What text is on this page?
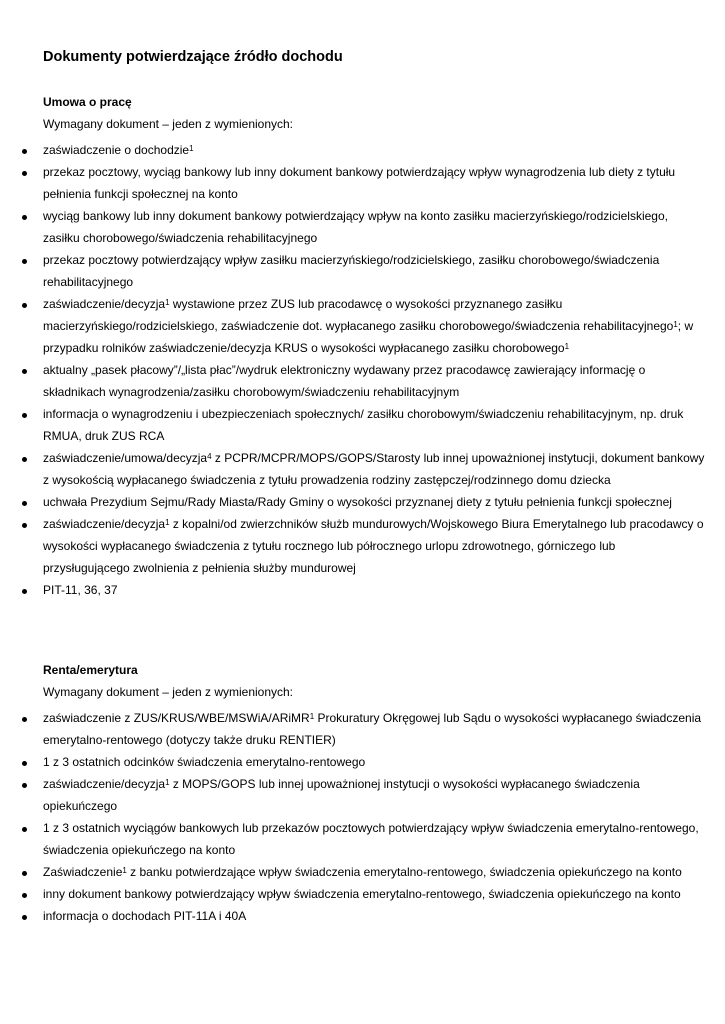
Dokumenty potwierdzające źródło dochodu
Umowa o pracę

Wymagany dokument – jeden z wymienionych:

zaświadczenie o dochodzie$^1$
przekaz pocztowy, wyciąg bankowy lub inny dokument bankowy potwierdzający wpływ wynagrodzenia lub diety z tytułu pełnienia funkcji społecznej na konto
wyciąg bankowy lub inny dokument bankowy potwierdzający wpływ na konto zasiłku macierzyńskiego/rodzicielskiego, zasiłku chorobowego/świadczenia rehabilitacyjnego
przekaz pocztowy potwierdzający wpływ zasiłku macierzyńskiego/rodzicielskiego, zasiłku chorobowego/świadczenia rehabilitacyjnego
zaświadczenie/decyzja$^1$ wystawione przez ZUS lub pracodawcę o wysokości przyznanego zasiłku macierzyńskiego/rodzicielskiego, zaświadczenie dot. wypłacanego zasiłku chorobowego/świadczenia rehabilitacyjnego$^1$; w przypadku rolników zaświadczenie/decyzja KRUS o wysokości wypłacanego zasiłku chorobowego$^1$
aktualny „pasek płacowy”/„lista płac”/wydruk elektroniczny wydawany przez pracodawcę zawierający informację o składnikach wynagrodzenia/zasiłku chorobowym/świadczeniu rehabilitacyjnym
informacja o wynagrodzeniu i ubezpieczeniach społecznych/ zasiłku chorobowym/świadczeniu rehabilitacyjnym, np. druk RMUA, druk ZUS RCA
zaświadczenie/umowa/decyzja$^4$ z PCPR/MCPR/MOPS/GOPS/Starosty lub innej upoważnionej instytucji, dokument bankowy z wysokością wypłacanego świadczenia z tytułu prowadzenia rodziny zastępczej/rodzinnego domu dziecka
uchwała Prezydium Sejmu/Rady Miasta/Rady Gminy o wysokości przyznanej diety z tytułu pełnienia funkcji społecznej
zaświadczenie/decyzja$^1$ z kopalni/od zwierzchników służb mundurowych/Wojskowego Biura Emerytalnego lub pracodawcy o wysokości wypłacanego świadczenia z tytułu rocznego lub półrocznego urlopu zdrowotnego, górniczego lub przysługującego zwolnienia z pełnienia służby mundurowej
PIT-11, 36, 37
Renta/emerytura

Wymagany dokument – jeden z wymienionych:

zaświadczenie z ZUS/KRUS/WBE/MSWiA/ARiMR$^1$ Prokuratury Okręgowej lub Sądu o wysokości wypłacanego świadczenia emerytalno-rentowego (dotyczy także druku RENTIER)
1 z 3 ostatnich odcinków świadczenia emerytalno-rentowego
zaświadczenie/decyzja$^1$ z MOPS/GOPS lub innej upoważnionej instytucji o wysokości wypłacanego świadczenia opiekuńczego
1 z 3 ostatnich wyciągów bankowych lub przekazów pocztowych potwierdzający wpływ świadczenia emerytalno-rentowego, świadczenia opiekuńczego na konto
Zaświadczenie$^1$ z banku potwierdzające wpływ świadczenia emerytalno-rentowego, świadczenia opiekuńczego na konto
inny dokument bankowy potwierdzający wpływ świadczenia emerytalno-rentowego, świadczenia opiekuńczego na konto
informacja o dochodach PIT-11A i 40A
